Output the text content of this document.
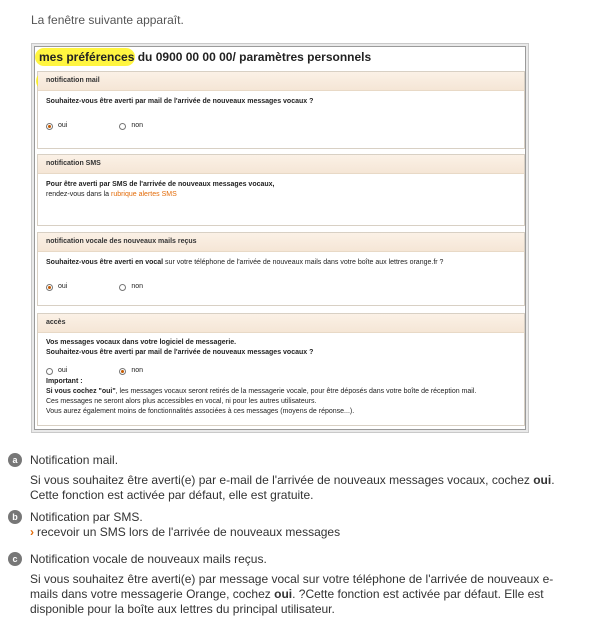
La fenêtre suivante apparaît.
mes préférences du 0900 00 00 00/ paramètres personnels
notification mail
Souhaitez-vous être averti par mail de l'arrivée de nouveaux messages vocaux ?
oui	non
notification SMS
Pour être averti par SMS de l'arrivée de nouveaux messages vocaux,
rendez-vous dans la rubrique alertes SMS
notification vocale des nouveaux mails reçus
Souhaitez-vous être averti en vocal sur votre téléphone de l'arrivée de nouveaux mails dans votre boîte aux lettres orange.fr ?
oui	non
accès
Vos messages vocaux dans votre logiciel de messagerie.
Souhaitez-vous être averti par mail de l'arrivée de nouveaux messages vocaux ?
oui	non
Important :
Si vous cochez "oui", les messages vocaux seront retirés de la messagerie vocale, pour être déposés dans votre boîte de réception mail.
Ces messages ne seront alors plus accessibles en vocal, ni pour les autres utilisateurs.
Vous aurez également moins de fonctionnalités associées à ces messages (moyens de réponse...).
a	Notification mail.
Si vous souhaitez être averti(e) par e-mail de l'arrivée de nouveaux messages vocaux, cochez oui. Cette fonction est activée par défaut, elle est gratuite.
b	Notification par SMS.
› recevoir un SMS lors de l'arrivée de nouveaux messages
c	Notification vocale de nouveaux mails reçus.
Si vous souhaitez être averti(e) par message vocal sur votre téléphone de l'arrivée de nouveaux e-mails dans votre messagerie Orange, cochez oui. ?Cette fonction est activée par défaut. Elle est disponible pour la boîte aux lettres du principal utilisateur.
